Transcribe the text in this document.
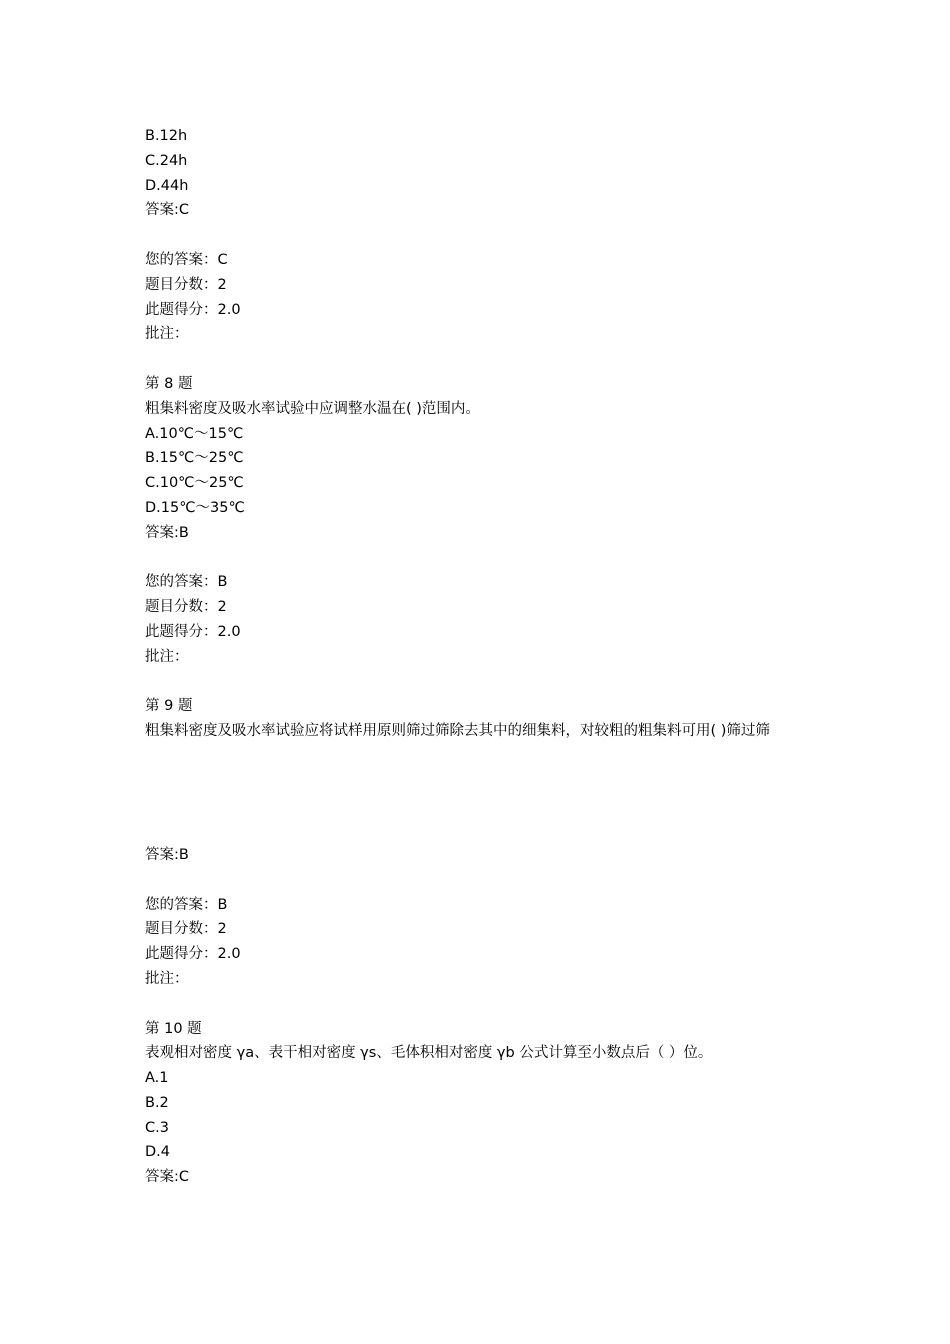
B.12h
C.24h
D.44h
答案:C
您的答案：C
题目分数：2
此题得分：2.0
批注：
第 8 题
粗集料密度及吸水率试验中应调整水温在( )范围内。
A.10℃～15℃
B.15℃～25℃
C.10℃～25℃
D.15℃～35℃
答案:B
您的答案：B
题目分数：2
此题得分：2.0
批注：
第 9 题
粗集料密度及吸水率试验应将试样用原则筛过筛除去其中的细集料，对较粗的粗集料可用( )筛过筛
答案:B
您的答案：B
题目分数：2
此题得分：2.0
批注：
第 10 题
表观相对密度 γa、表干相对密度 γs、毛体积相对密度 γb 公式计算至小数点后（ ）位。
A.1
B.2
C.3
D.4
答案:C
